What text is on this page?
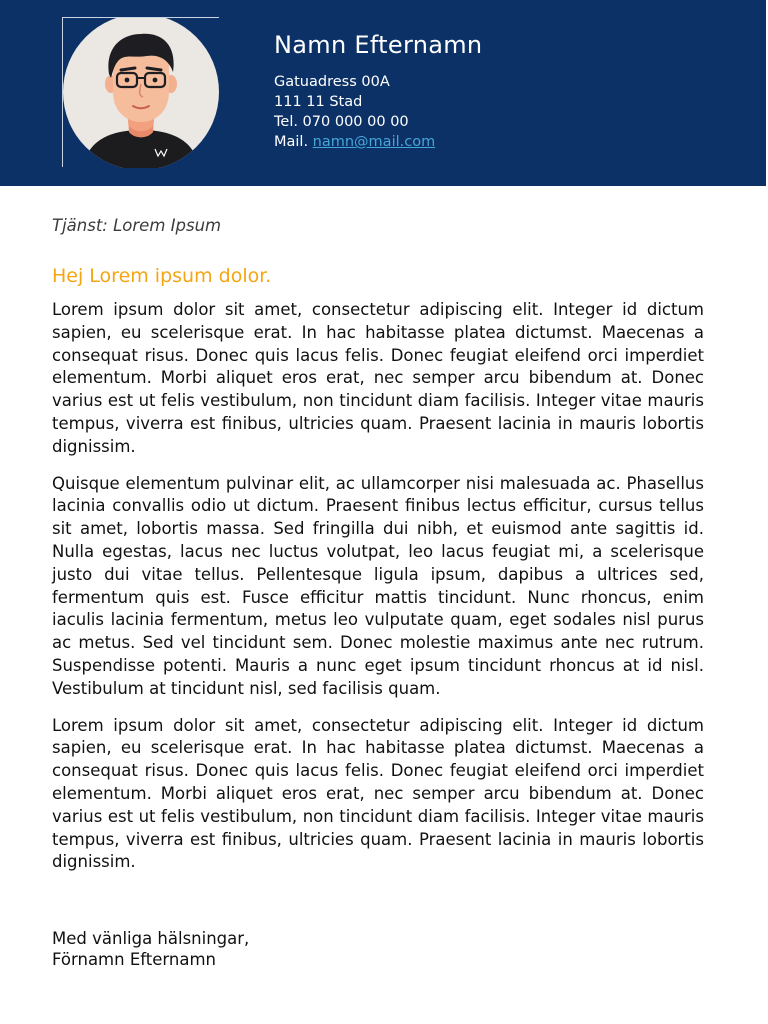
Namn Efternamn
Gatuadress 00A
111 11 Stad
Tel. 070 000 00 00
Mail. namn@mail.com
Tjänst: Lorem Ipsum
Hej Lorem ipsum dolor.

Lorem ipsum dolor sit amet, consectetur adipiscing elit. Integer id dictum sapien, eu scelerisque erat. In hac habitasse platea dictumst. Maecenas a consequat risus. Donec quis lacus felis. Donec feugiat eleifend orci imperdiet elementum. Morbi aliquet eros erat, nec semper arcu bibendum at. Donec varius est ut felis vestibulum, non tincidunt diam facilisis. Integer vitae mauris tempus, viverra est finibus, ultricies quam. Praesent lacinia in mauris lobortis dignissim.

Quisque elementum pulvinar elit, ac ullamcorper nisi malesuada ac. Phasellus lacinia convallis odio ut dictum. Praesent finibus lectus efficitur, cursus tellus sit amet, lobortis massa. Sed fringilla dui nibh, et euismod ante sagittis id. Nulla egestas, lacus nec luctus volutpat, leo lacus feugiat mi, a scelerisque justo dui vitae tellus. Pellentesque ligula ipsum, dapibus a ultrices sed, fermentum quis est. Fusce efficitur mattis tincidunt. Nunc rhoncus, enim iaculis lacinia fermentum, metus leo vulputate quam, eget sodales nisl purus ac metus. Sed vel tincidunt sem. Donec molestie maximus ante nec rutrum. Suspendisse potenti. Mauris a nunc eget ipsum tincidunt rhoncus at id nisl. Vestibulum at tincidunt nisl, sed facilisis quam.

Lorem ipsum dolor sit amet, consectetur adipiscing elit. Integer id dictum sapien, eu scelerisque erat. In hac habitasse platea dictumst. Maecenas a consequat risus. Donec quis lacus felis. Donec feugiat eleifend orci imperdiet elementum. Morbi aliquet eros erat, nec semper arcu bibendum at. Donec varius est ut felis vestibulum, non tincidunt diam facilisis. Integer vitae mauris tempus, viverra est finibus, ultricies quam. Praesent lacinia in mauris lobortis dignissim.

Med vänliga hälsningar,
Förnamn Efternamn
